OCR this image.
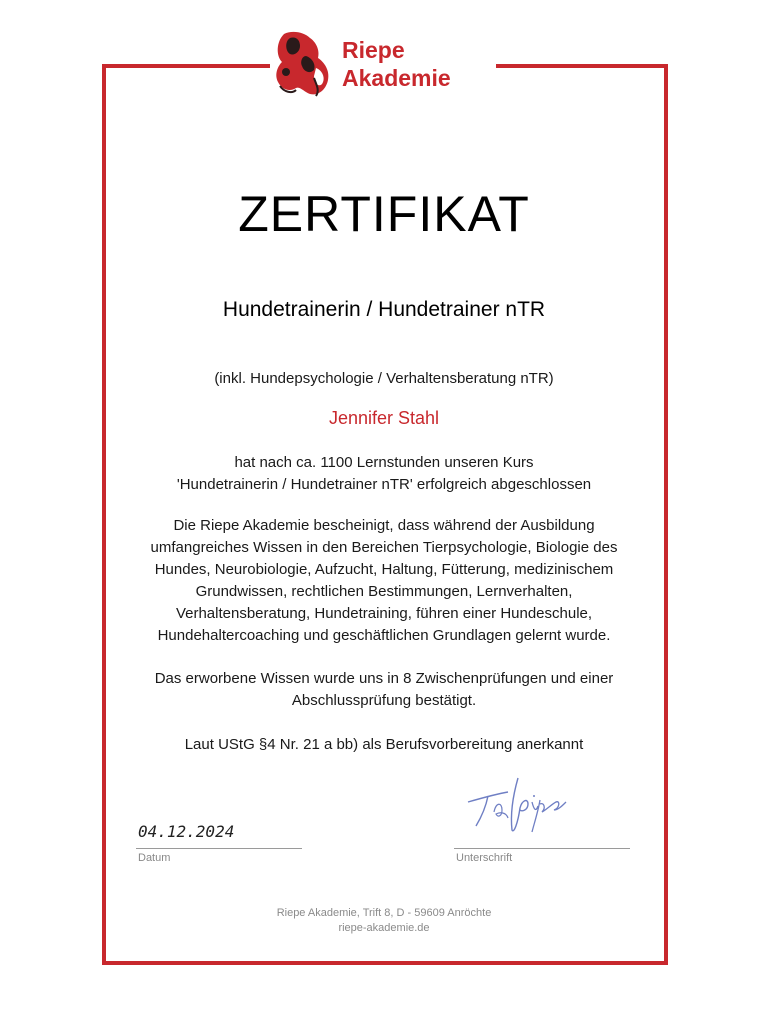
Riepe
Akademie
ZERTIFIKAT
Hundetrainerin / Hundetrainer nTR
(inkl. Hundepsychologie / Verhaltensberatung nTR)
Jennifer Stahl
hat nach ca. 1100 Lernstunden unseren Kurs
'Hundetrainerin / Hundetrainer nTR' erfolgreich abgeschlossen
Die Riepe Akademie bescheinigt, dass während der Ausbildung
umfangreiches Wissen in den Bereichen Tierpsychologie, Biologie des
Hundes, Neurobiologie, Aufzucht, Haltung, Fütterung, medizinischem
Grundwissen, rechtlichen Bestimmungen, Lernverhalten,
Verhaltensberatung, Hundetraining, führen einer Hundeschule,
Hundehaltercoaching und geschäftlichen Grundlagen gelernt wurde.
Das erworbene Wissen wurde uns in 8 Zwischenprüfungen und einer
Abschlussprüfung bestätigt.
Laut UStG §4 Nr. 21 a bb) als Berufsvorbereitung anerkannt
04.12.2024
Datum	Unterschrift
Riepe Akademie, Trift 8, D - 59609 Anröchte
riepe-akademie.de
